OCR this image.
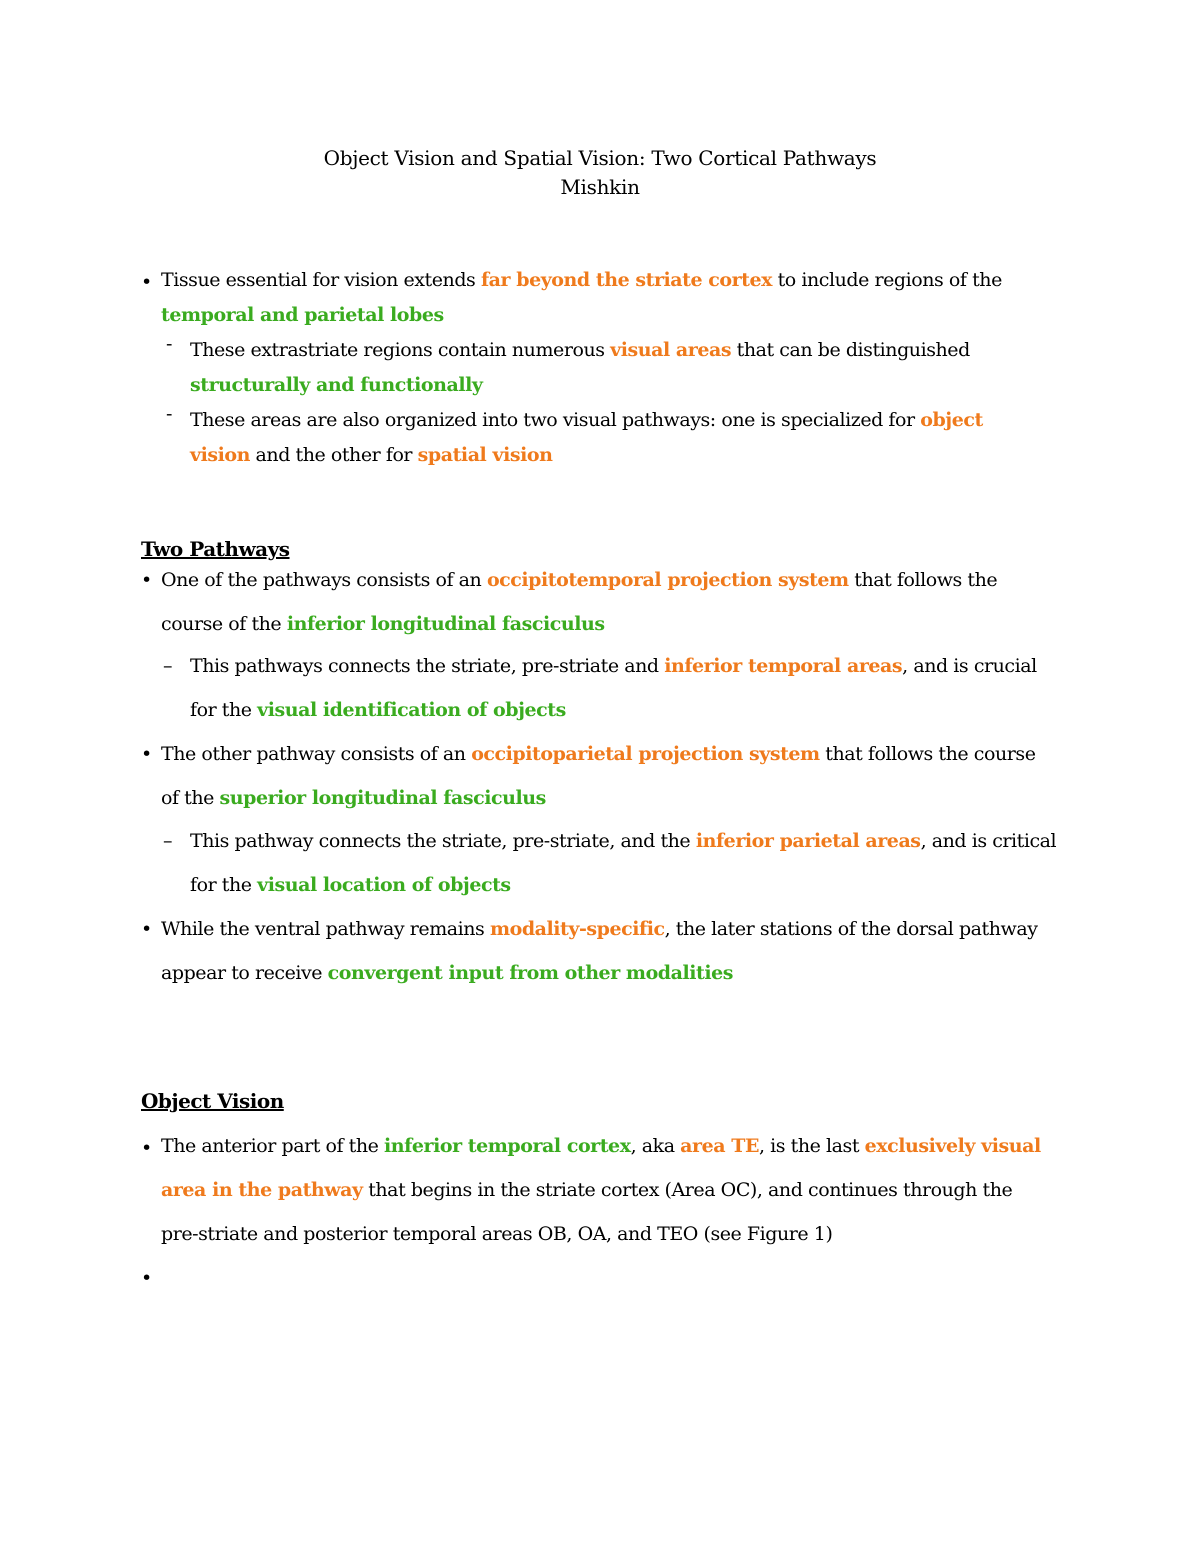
Object Vision and Spatial Vision: Two Cortical Pathways
Mishkin
• Tissue essential for vision extends far beyond the striate cortex to include regions of the
temporal and parietal lobes
- These extrastriate regions contain numerous visual areas that can be distinguished
structurally and functionally
- These areas are also organized into two visual pathways: one is specialized for object
vision and the other for spatial vision
Two Pathways
• One of the pathways consists of an occipitotemporal projection system that follows the
course of the inferior longitudinal fasciculus
– This pathways connects the striate, pre-striate and inferior temporal areas, and is crucial
for the visual identification of objects
• The other pathway consists of an occipitoparietal projection system that follows the course
of the superior longitudinal fasciculus
– This pathway connects the striate, pre-striate, and the inferior parietal areas, and is critical
for the visual location of objects
• While the ventral pathway remains modality-specific, the later stations of the dorsal pathway
appear to receive convergent input from other modalities
Object Vision
• The anterior part of the inferior temporal cortex, aka area TE, is the last exclusively visual
area in the pathway that begins in the striate cortex (Area OC), and continues through the
pre-striate and posterior temporal areas OB, OA, and TEO (see Figure 1)
•
